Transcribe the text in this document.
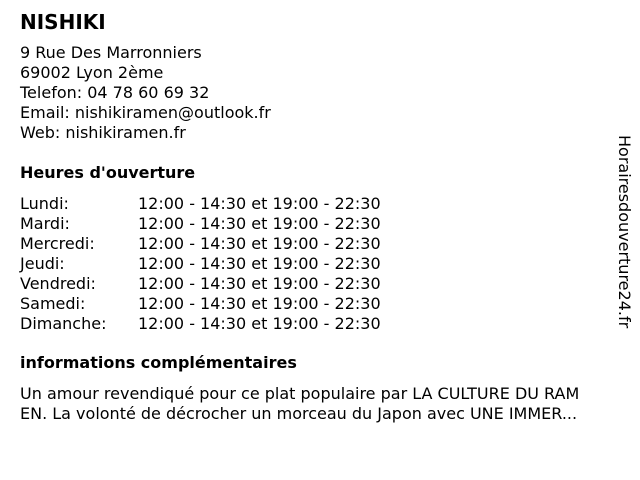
NISHIKI
9 Rue Des Marronniers
69002 Lyon 2ème
Telefon: 04 78 60 69 32
Email: nishikiramen@outlook.fr
Web: nishikiramen.fr
Heures d'ouverture
Lundi:	12:00 - 14:30 et 19:00 - 22:30
Mardi:	12:00 - 14:30 et 19:00 - 22:30
Mercredi:	12:00 - 14:30 et 19:00 - 22:30
Jeudi:	12:00 - 14:30 et 19:00 - 22:30
Vendredi:	12:00 - 14:30 et 19:00 - 22:30
Samedi:	12:00 - 14:30 et 19:00 - 22:30
Dimanche:	12:00 - 14:30 et 19:00 - 22:30
informations complémentaires
Un amour revendiqué pour ce plat populaire par LA CULTURE DU RAM
EN. La volonté de décrocher un morceau du Japon avec UNE IMMER...
Horairesdouverture24.fr
